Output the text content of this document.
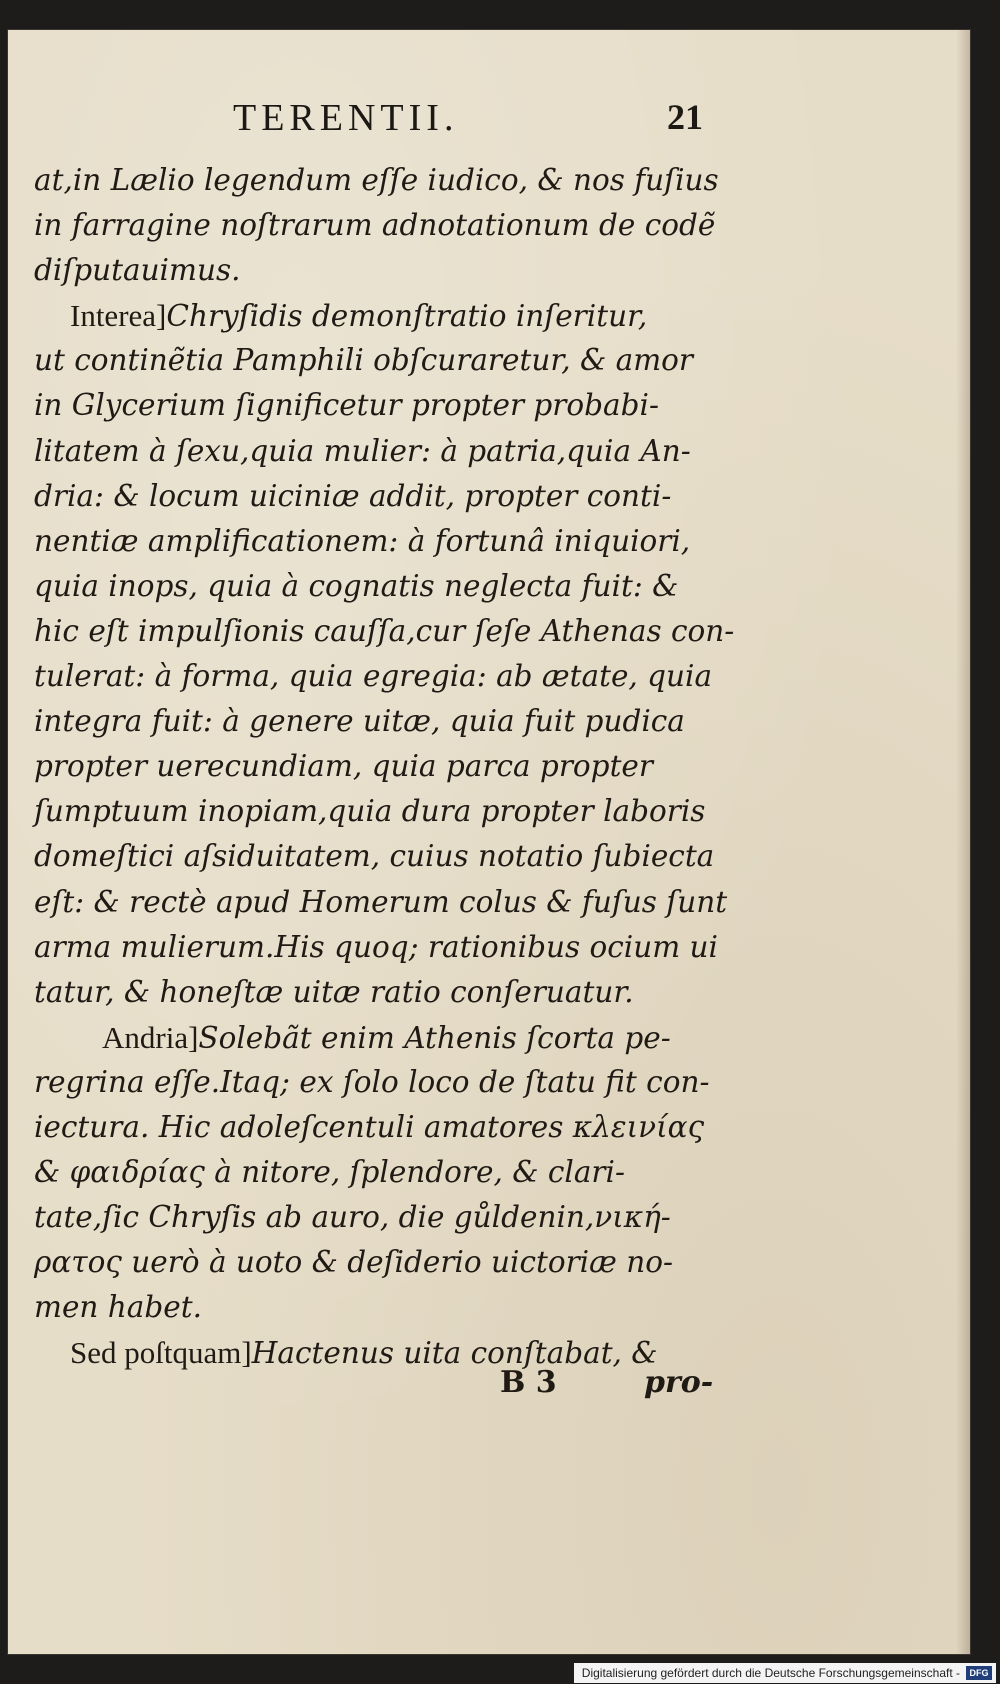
TERENTII.	21
at,in Lælio legendum eſſe iudico, & nos fuſius
in farragine noſtrarum adnotationum de codẽ
diſputauimus.
Interea]Chryſidis demonſtratio inſeritur,
ut continẽtia Pamphili obſcuraretur, & amor
in Glycerium ſignificetur propter probabi-
litatem à ſexu,quia mulier: à patria,quia An-
dria: & locum uiciniæ addit, propter conti-
nentiæ amplificationem: à fortunâ iniquiori,
quia inops, quia à cognatis neglecta fuit: &
hic eſt impulſionis cauſſa,cur ſeſe Athenas con-
tulerat: à forma, quia egregia: ab ætate, quia
integra fuit: à genere uitæ, quia fuit pudica
propter uerecundiam, quia parca propter
ſumptuum inopiam,quia dura propter laboris
domeſtici aſsiduitatem, cuius notatio ſubiecta
eſt: & rectè apud Homerum colus & fuſus ſunt
arma mulierum.His quoq; rationibus ocium ui
tatur, & honeſtæ uitæ ratio conſeruatur.
Andria]Solebãt enim Athenis ſcorta pe-
regrina eſſe.Itaq; ex ſolo loco de ſtatu fit con-
iectura. Hic adoleſcentuli amatores κλεινίας
& φαιδρίας à nitore, ſplendore, & clari-
tate,ſic Chryſis ab auro, die gůldenin,νική-
ρατος uerò à uoto & deſiderio uictoriæ no-
men habet.
Sed poſtquam]Hactenus uita conſtabat, &
B 3	pro-
Digitalisierung gefördert durch die Deutsche Forschungsgemeinschaft -	DFG
